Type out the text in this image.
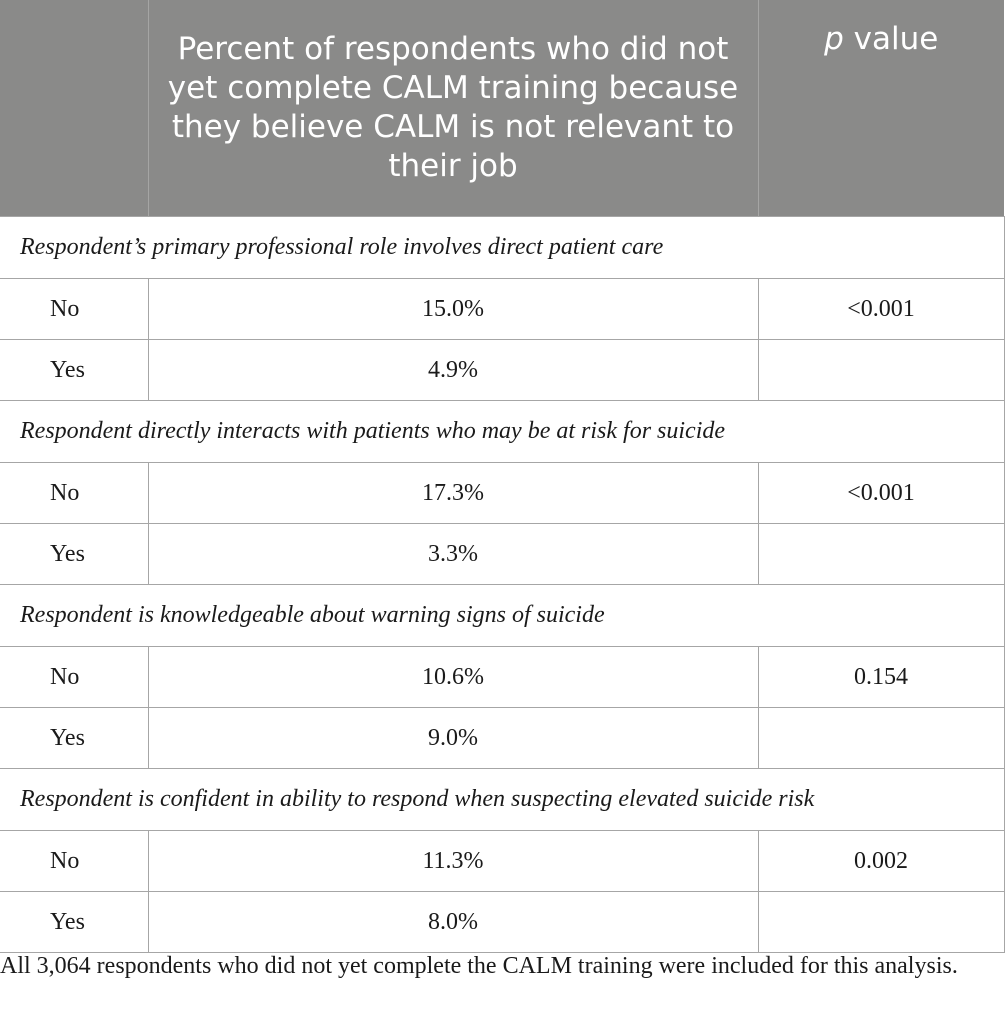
	Percent of respondents who did not yet complete CALM training because they believe CALM is not relevant to their job	p value
Respondent’s primary professional role involves direct patient care		
No	15.0%	<0.001
Yes	4.9%	
Respondent directly interacts with patients who may be at risk for suicide		
No	17.3%	<0.001
Yes	3.3%	
Respondent is knowledgeable about warning signs of suicide		
No	10.6%	0.154
Yes	9.0%	
Respondent is confident in ability to respond when suspecting elevated suicide risk		
No	11.3%	0.002
Yes	8.0%	
All 3,064 respondents who did not yet complete the CALM training were included for this analysis.
